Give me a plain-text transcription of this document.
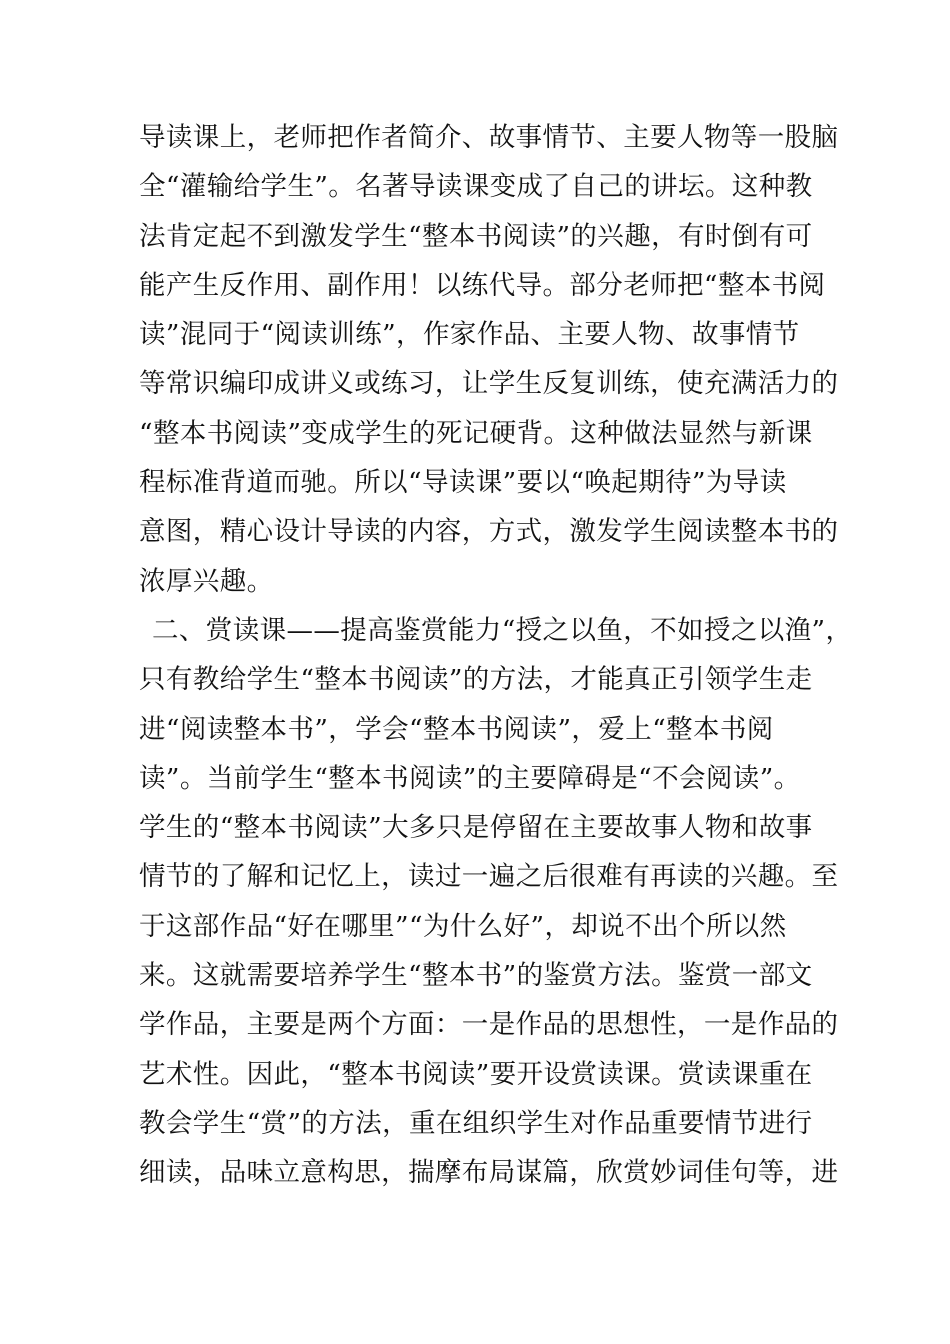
导读课上，老师把作者简介、故事情节、主要人物等一股脑
全“灌输给学生”。名著导读课变成了自己的讲坛。这种教
法肯定起不到激发学生“整本书阅读”的兴趣，有时倒有可
能产生反作用、副作用！以练代导。部分老师把“整本书阅
读”混同于“阅读训练”，作家作品、主要人物、故事情节
等常识编印成讲义或练习，让学生反复训练，使充满活力的
“整本书阅读”变成学生的死记硬背。这种做法显然与新课
程标准背道而驰。所以“导读课”要以“唤起期待”为导读
意图，精心设计导读的内容，方式，激发学生阅读整本书的
浓厚兴趣。
二、赏读课——提高鉴赏能力“授之以鱼，不如授之以渔”，
只有教给学生“整本书阅读”的方法，才能真正引领学生走
进“阅读整本书”，学会“整本书阅读”，爱上“整本书阅
读”。当前学生“整本书阅读”的主要障碍是“不会阅读”。
学生的“整本书阅读”大多只是停留在主要故事人物和故事
情节的了解和记忆上，读过一遍之后很难有再读的兴趣。至
于这部作品“好在哪里”“为什么好”，却说不出个所以然
来。这就需要培养学生“整本书”的鉴赏方法。鉴赏一部文
学作品，主要是两个方面：一是作品的思想性，一是作品的
艺术性。因此，“整本书阅读”要开设赏读课。赏读课重在
教会学生“赏”的方法，重在组织学生对作品重要情节进行
细读，品味立意构思，揣摩布局谋篇，欣赏妙词佳句等，进
